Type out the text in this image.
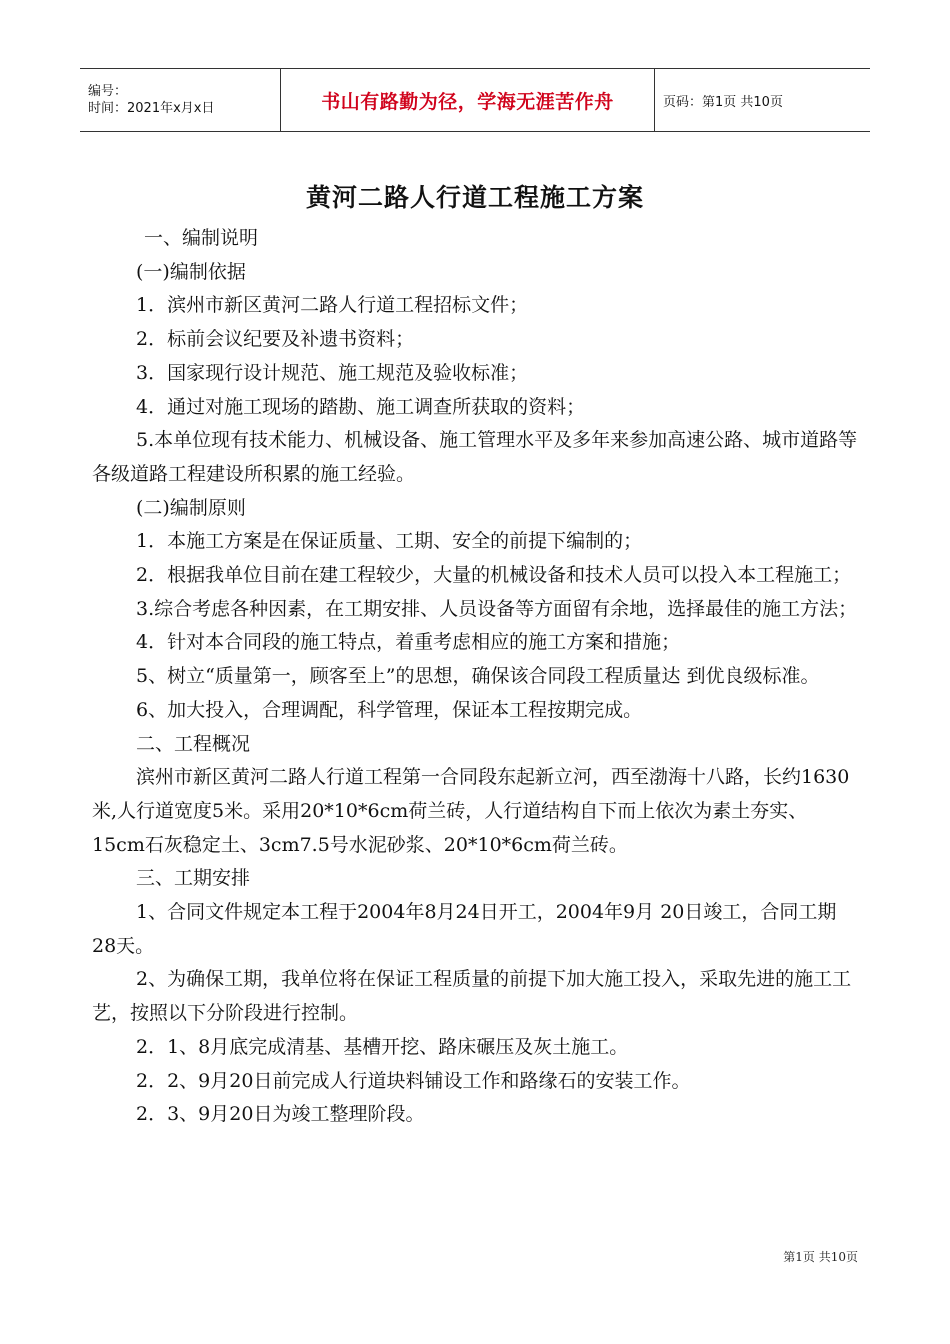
编号：
时间：2021年x月x日	书山有路勤为径，学海无涯苦作舟	页码：第1页 共10页
黄河二路人行道工程施工方案

一、编制说明

(一)编制依据

1．滨州市新区黄河二路人行道工程招标文件；

2．标前会议纪要及补遗书资料；

3．国家现行设计规范、施工规范及验收标准；

4．通过对施工现场的踏勘、施工调查所获取的资料；

5.本单位现有技术能力、机械设备、施工管理水平及多年来参加高速公路、城市道路等各级道路工程建设所积累的施工经验。

(二)编制原则

1．本施工方案是在保证质量、工期、安全的前提下编制的；

2．根据我单位目前在建工程较少，大量的机械设备和技术人员可以投入本工程施工；

3.综合考虑各种因素，在工期安排、人员设备等方面留有余地，选择最佳的施工方法；

4．针对本合同段的施工特点，着重考虑相应的施工方案和措施；

5、树立“质量第一，顾客至上”的思想，确保该合同段工程质量达 到优良级标准。

6、加大投入，合理调配，科学管理，保证本工程按期完成。

二、工程概况

滨州市新区黄河二路人行道工程第一合同段东起新立河，西至渤海十八路，长约1630米,人行道宽度5米。采用20*10*6cm荷兰砖，人行道结构自下而上依次为素土夯实、15cm石灰稳定土、3cm7.5号水泥砂浆、20*10*6cm荷兰砖。

三、工期安排

1、合同文件规定本工程于2004年8月24日开工，2004年9月 20日竣工，合同工期28天。

2、为确保工期，我单位将在保证工程质量的前提下加大施工投入，采取先进的施工工艺，按照以下分阶段进行控制。

2．1、8月底完成清基、基槽开挖、路床碾压及灰土施工。

2．2、9月20日前完成人行道块料铺设工作和路缘石的安装工作。

2．3、9月20日为竣工整理阶段。

第1页 共10页
